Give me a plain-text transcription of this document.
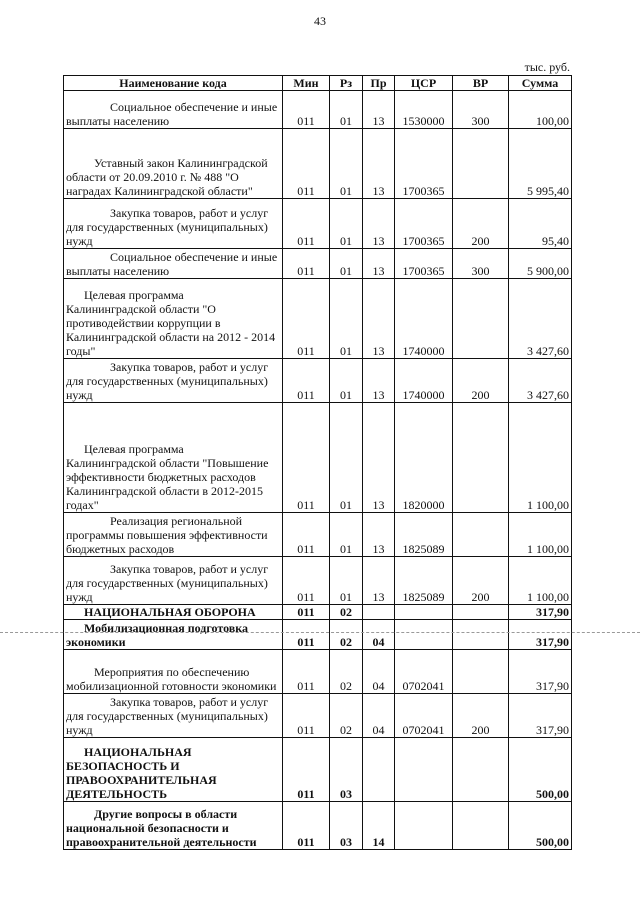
43
тыс. руб.
Наименование кода	Мин	Рз	Пр	ЦСР	ВР	Сумма

Социальное обеспечение и иные
выплаты населению	011	01	13	1530000	300	100,00

Уставный закон Калининградской
области от 20.09.2010 г. № 488 "О
наградах Калининградской области"	011	01	13	1700365		5 995,40

Закупка товаров, работ и услуг
для государственных (муниципальных)
нужд	011	01	13	1700365	200	95,40

Социальное обеспечение и иные
выплаты населению	011	01	13	1700365	300	5 900,00

Целевая программа
Калининградской области "О
противодействии коррупции в
Калининградской области на 2012 - 2014
годы"	011	01	13	1740000		3 427,60

Закупка товаров, работ и услуг
для государственных (муниципальных)
нужд	011	01	13	1740000	200	3 427,60

Целевая программа
Калининградской области "Повышение
эффективности бюджетных расходов
Калининградской области в 2012-2015
годах"	011	01	13	1820000		1 100,00

Реализация региональной
программы повышения эффективности
бюджетных расходов	011	01	13	1825089		1 100,00

Закупка товаров, работ и услуг
для государственных (муниципальных)
нужд	011	01	13	1825089	200	1 100,00

НАЦИОНАЛЬНАЯ ОБОРОНА	011	02				317,90

Мобилизационная подготовка
экономики	011	02	04			317,90

Мероприятия по обеспечению
мобилизационной готовности экономики	011	02	04	0702041		317,90

Закупка товаров, работ и услуг
для государственных (муниципальных)
нужд	011	02	04	0702041	200	317,90

НАЦИОНАЛЬНАЯ
БЕЗОПАСНОСТЬ И
ПРАВООХРАНИТЕЛЬНАЯ
ДЕЯТЕЛЬНОСТЬ	011	03				500,00

Другие вопросы в области
национальной безопасности и
правоохранительной деятельности	011	03	14			500,00
